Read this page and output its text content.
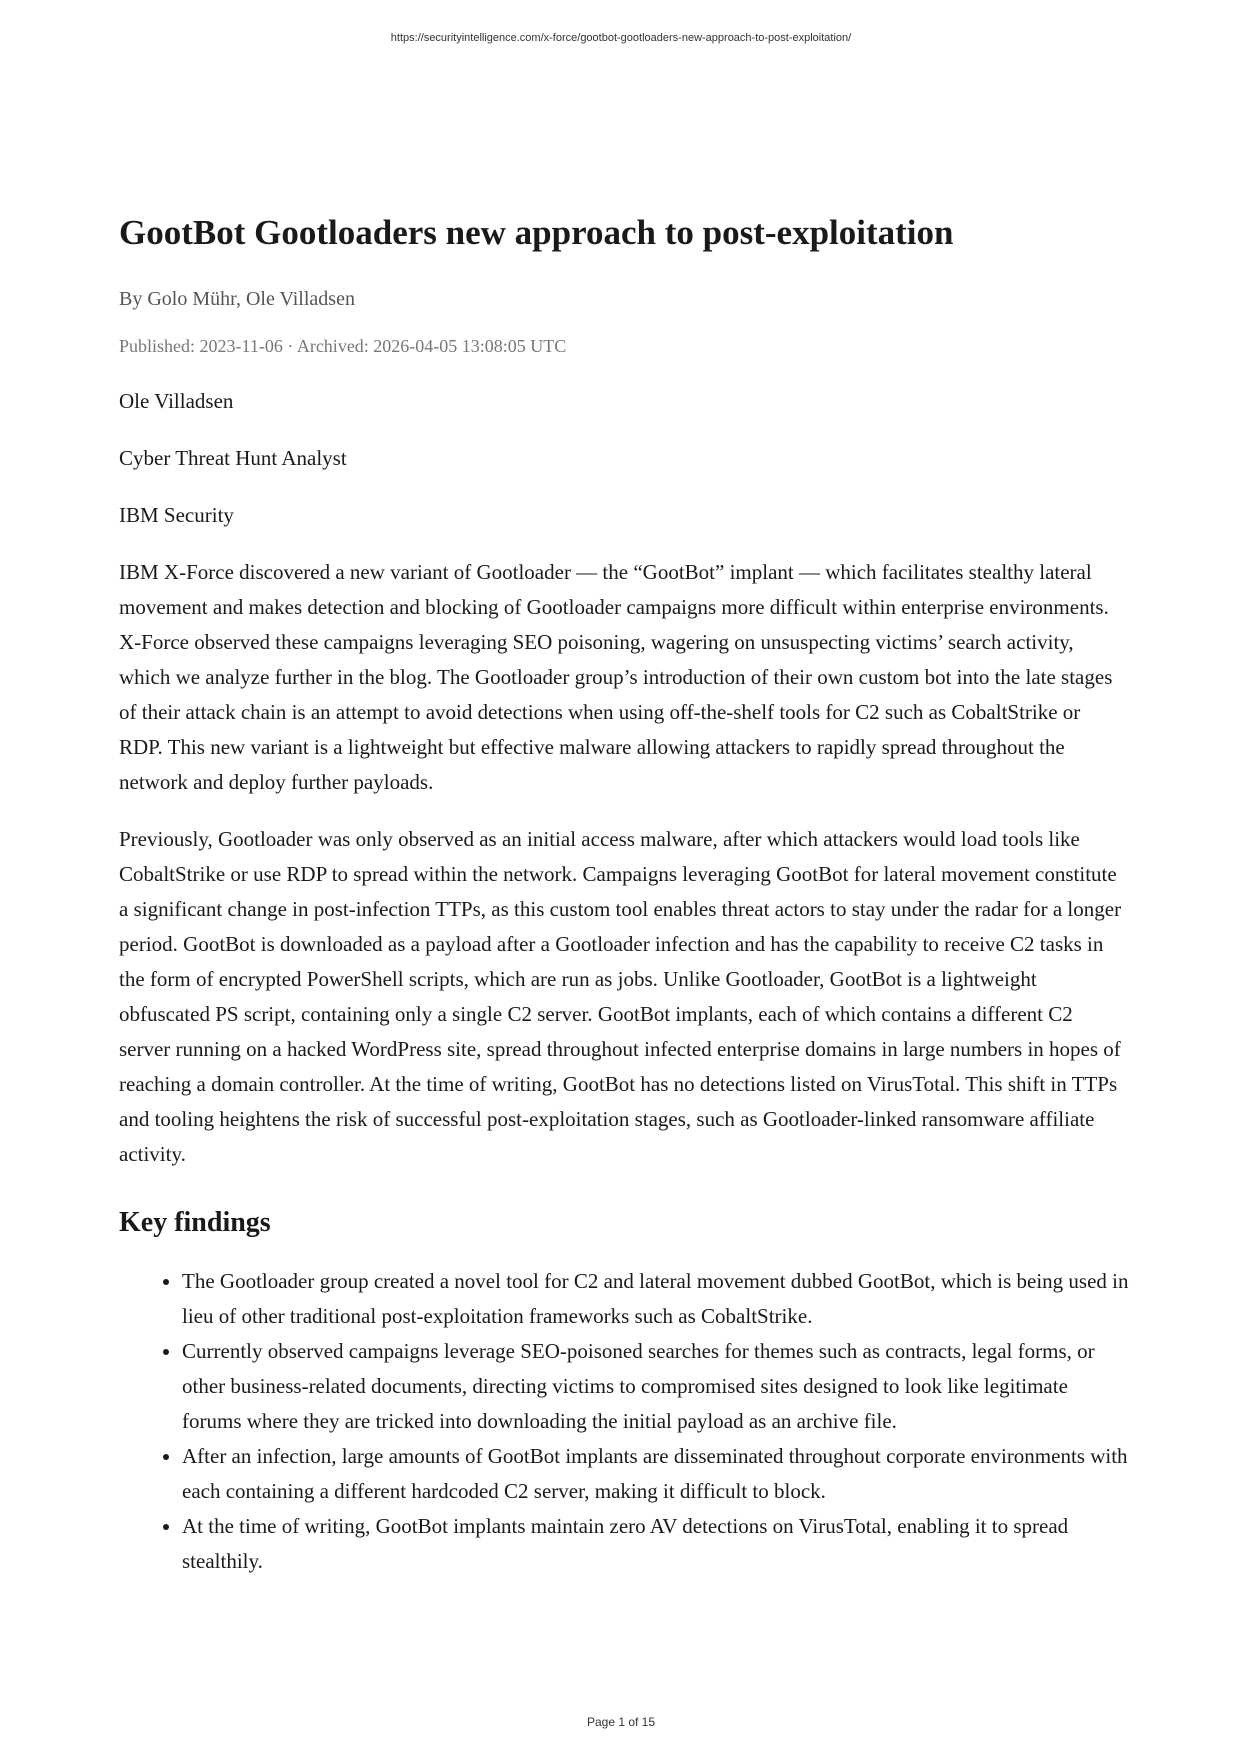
https://securityintelligence.com/x-force/gootbot-gootloaders-new-approach-to-post-exploitation/
GootBot Gootloaders new approach to post-exploitation
By Golo Mühr, Ole Villadsen
Published: 2023-11-06 · Archived: 2026-04-05 13:08:05 UTC

Ole Villadsen

Cyber Threat Hunt Analyst

IBM Security

IBM X-Force discovered a new variant of Gootloader — the “GootBot” implant — which facilitates stealthy lateral movement and makes detection and blocking of Gootloader campaigns more difficult within enterprise environments. X-Force observed these campaigns leveraging SEO poisoning, wagering on unsuspecting victims’ search activity, which we analyze further in the blog. The Gootloader group’s introduction of their own custom bot into the late stages of their attack chain is an attempt to avoid detections when using off-the-shelf tools for C2 such as CobaltStrike or RDP. This new variant is a lightweight but effective malware allowing attackers to rapidly spread throughout the network and deploy further payloads.

Previously, Gootloader was only observed as an initial access malware, after which attackers would load tools like CobaltStrike or use RDP to spread within the network. Campaigns leveraging GootBot for lateral movement constitute a significant change in post-infection TTPs, as this custom tool enables threat actors to stay under the radar for a longer period. GootBot is downloaded as a payload after a Gootloader infection and has the capability to receive C2 tasks in the form of encrypted PowerShell scripts, which are run as jobs. Unlike Gootloader, GootBot is a lightweight obfuscated PS script, containing only a single C2 server. GootBot implants, each of which contains a different C2 server running on a hacked WordPress site, spread throughout infected enterprise domains in large numbers in hopes of reaching a domain controller. At the time of writing, GootBot has no detections listed on VirusTotal. This shift in TTPs and tooling heightens the risk of successful post-exploitation stages, such as Gootloader-linked ransomware affiliate activity.

Key findings
• The Gootloader group created a novel tool for C2 and lateral movement dubbed GootBot, which is being used in lieu of other traditional post-exploitation frameworks such as CobaltStrike.
• Currently observed campaigns leverage SEO-poisoned searches for themes such as contracts, legal forms, or other business-related documents, directing victims to compromised sites designed to look like legitimate forums where they are tricked into downloading the initial payload as an archive file.
• After an infection, large amounts of GootBot implants are disseminated throughout corporate environments with each containing a different hardcoded C2 server, making it difficult to block.
• At the time of writing, GootBot implants maintain zero AV detections on VirusTotal, enabling it to spread stealthily.
Page 1 of 15
